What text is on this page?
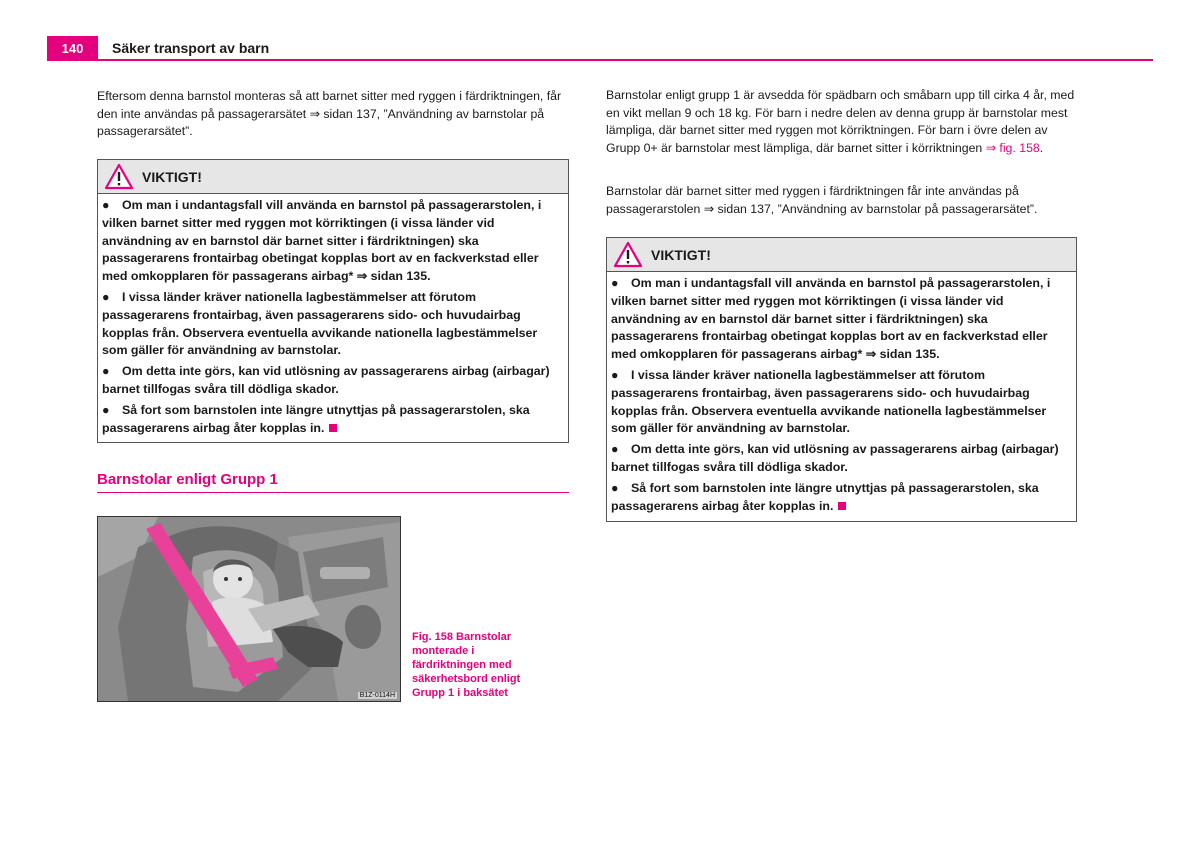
140	Säker transport av barn

Eftersom denna barnstol monteras så att barnet sitter med ryggen i färdriktningen, får den inte användas på passagerarsätet ⇒ sidan 137, ”Användning av barnstolar på passagerarsätet”.

VIKTIGT!

● Om man i undantagsfall vill använda en barnstol på passagerarstolen, i vilken barnet sitter med ryggen mot körriktingen (i vissa länder vid användning av en barnstol där barnet sitter i färdriktningen) ska passagerarens frontairbag obetingat kopplas bort av en fackverkstad eller med omkopplaren för passagerans airbag* ⇒ sidan 135.

● I vissa länder kräver nationella lagbestämmelser att förutom passagerarens frontairbag, även passagerarens sido- och huvudairbag kopplas från. Observera eventuella avvikande nationella lagbestämmelser som gäller för användning av barnstolar.

● Om detta inte görs, kan vid utlösning av passagerarens airbag (airbagar) barnet tillfogas svåra till dödliga skador.

● Så fort som barnstolen inte längre utnyttjas på passagerarstolen, ska passagerarens airbag åter kopplas in.

Barnstolar enligt Grupp 1
B1Z-0114H

Fig. 158 Barnstolar monterade i färdriktningen med säkerhetsbord enligt Grupp 1 i baksätet

Barnstolar enligt grupp 1 är avsedda för spädbarn och småbarn upp till cirka 4 år, med en vikt mellan 9 och 18 kg. För barn i nedre delen av denna grupp är barnstolar mest lämpliga, där barnet sitter med ryggen mot körriktningen. För barn i övre delen av Grupp 0+ är barnstolar mest lämpliga, där barnet sitter i körriktningen ⇒ fig. 158.

Barnstolar där barnet sitter med ryggen i färdriktningen får inte användas på passagerarstolen ⇒ sidan 137, ”Användning av barnstolar på passagerarsätet”.

VIKTIGT!

● Om man i undantagsfall vill använda en barnstol på passagerarstolen, i vilken barnet sitter med ryggen mot körriktingen (i vissa länder vid användning av en barnstol där barnet sitter i färdriktningen) ska passagerarens frontairbag obetingat kopplas bort av en fackverkstad eller med omkopplaren för passagerans airbag* ⇒ sidan 135.

● I vissa länder kräver nationella lagbestämmelser att förutom passagerarens frontairbag, även passagerarens sido- och huvudairbag kopplas från. Observera eventuella avvikande nationella lagbestämmelser som gäller för användning av barnstolar.

● Om detta inte görs, kan vid utlösning av passagerarens airbag (airbagar) barnet tillfogas svåra till dödliga skador.

● Så fort som barnstolen inte längre utnyttjas på passagerarstolen, ska passagerarens airbag åter kopplas in.
